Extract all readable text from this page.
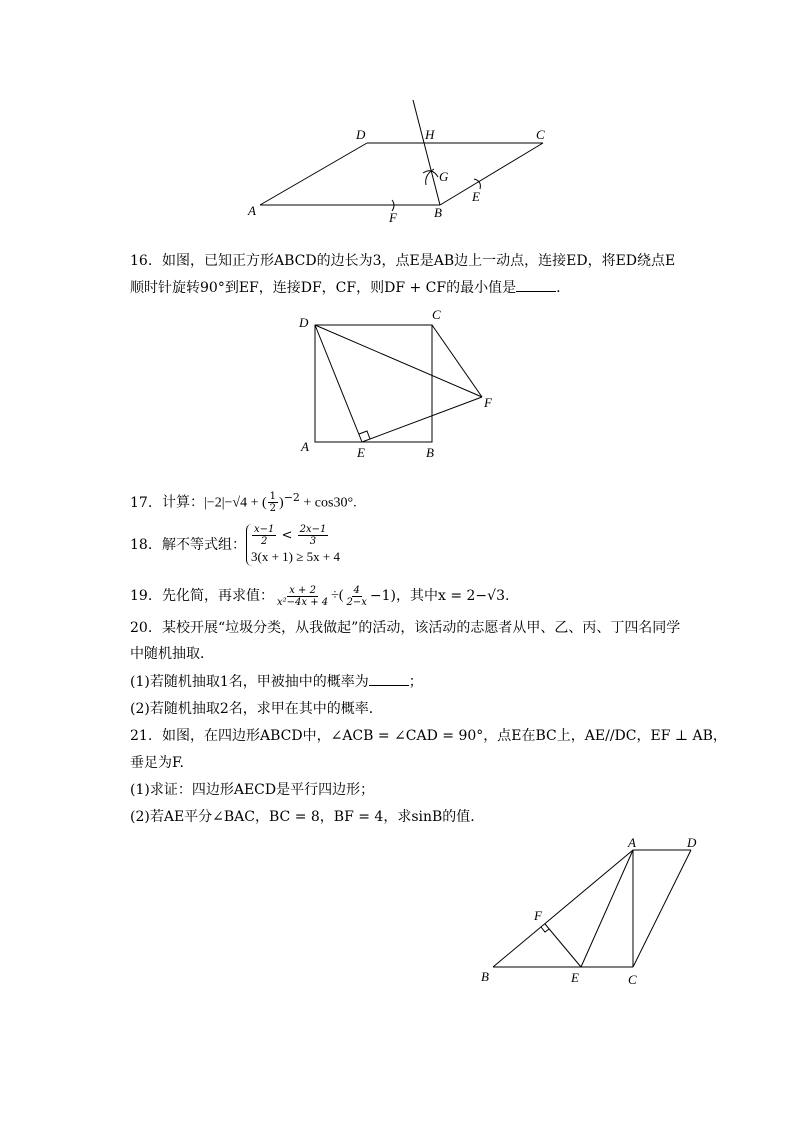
D	H	C
G
E
A	F	B
16. 如图，已知正方形ABCD的边长为3，点E是AB边上一动点，连接ED，将ED绕点E
顺时针旋转90°到EF，连接DF，CF，则DF + CF的最小值是	.
D
C
F
A	E	B
17. 计算：|−2|−√4 + ( $\frac{1}{2} )^{-2} + \cos 30^\circ$.
18. 解不等式组： $\frac{x-1}{2} < \frac{2x-1}{3}$
3(x + 1) ≥ 5x + 4
19. 先化简，再求值： $\frac{x + 2}{\text{x²−4x + 4}}$ ÷( $\frac{4}{2-x} -1$)，其中x = 2−√3.
20. 某校开展“垃圾分类，从我做起”的活动，该活动的志愿者从甲、乙、丙、丁四名同学
中随机抽取．
(1)若随机抽取1名，甲被抽中的概率为	；
(2)若随机抽取2名，求甲在其中的概率．
21. 如图，在四边形ABCD中，∠ACB = ∠CAD = 90°，点E在BC上，AE//DC，EF ⊥ AB，
垂足为F.
(1)求证：四边形AECD是平行四边形；
(2)若AE平分∠BAC，BC = 8，BF = 4，求sinB的值.
A	D
F
B	E	C
